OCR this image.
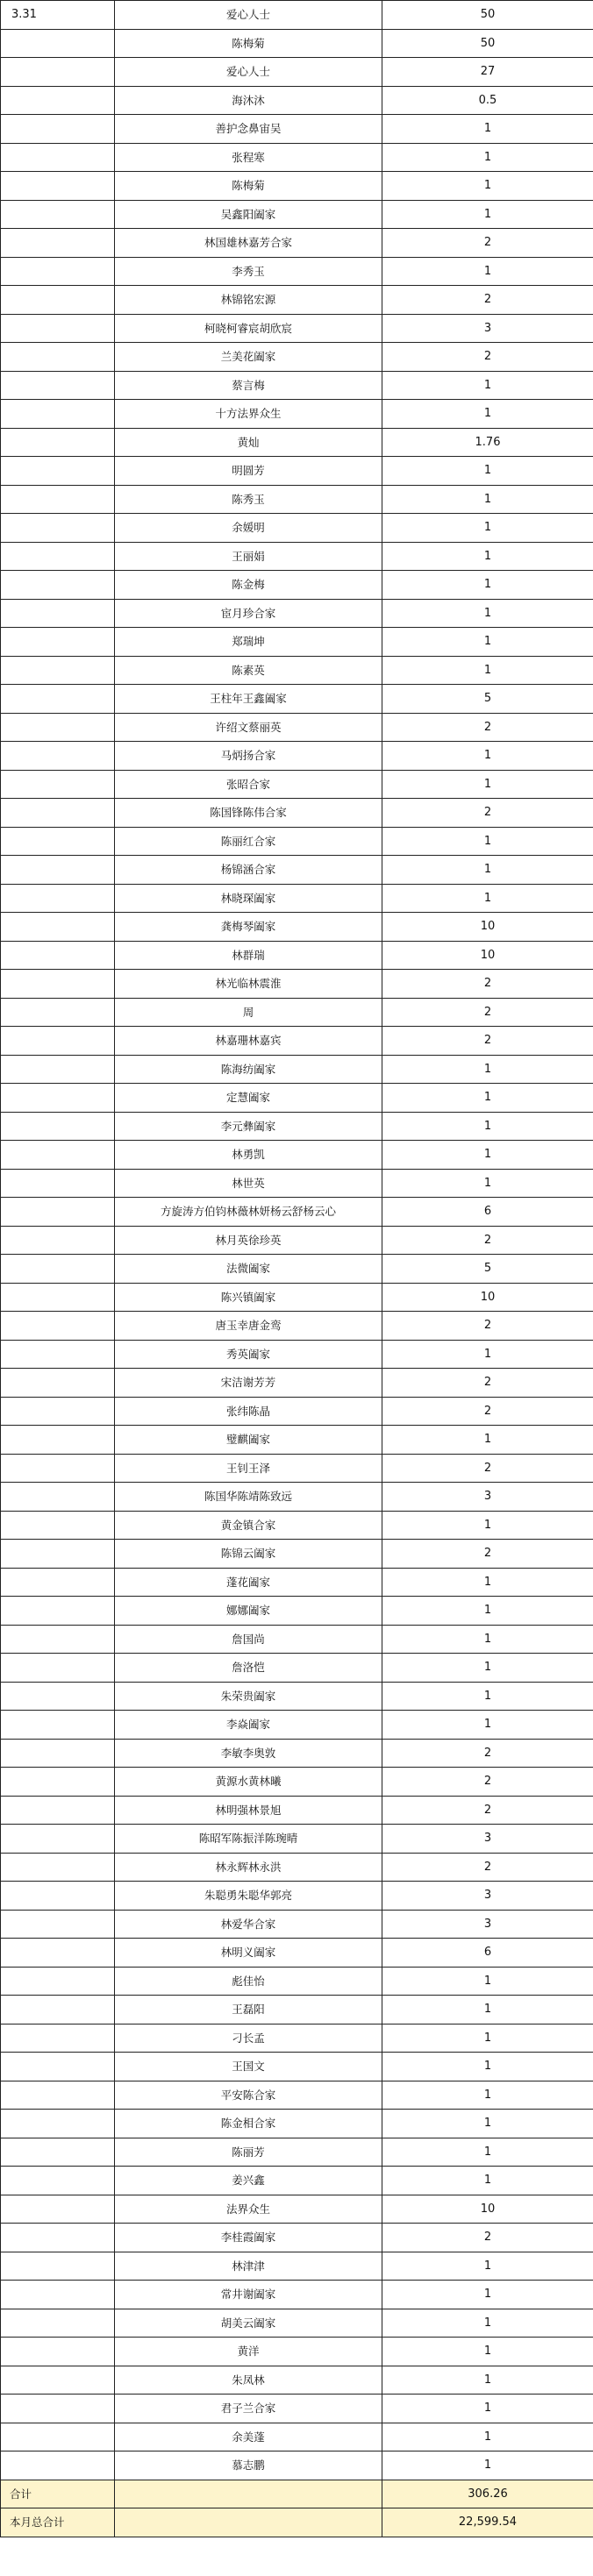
3.31	爱心人士	50
	陈梅菊	50
	爱心人士	27
	海沐沐	0.5
	善护念鼻宙吴	1
	张程寒	1
	陈梅菊	1
	吴鑫阳阖家	1
	林国雄林嘉芳合家	2
	李秀玉	1
	林锦铭宏源	2
	柯晓柯睿宸胡欣宸	3
	兰美花阖家	2
	蔡言梅	1
	十方法界众生	1
	黄灿	1.76
	明圆芳	1
	陈秀玉	1
	余媛明	1
	王丽娟	1
	陈金梅	1
	宦月珍合家	1
	郑瑞坤	1
	陈素英	1
	王柱年王鑫阖家	5
	许绍文蔡丽英	2
	马炳扬合家	1
	张昭合家	1
	陈国锋陈伟合家	2
	陈丽红合家	1
	杨锦涵合家	1
	林晓琛阖家	1
	龚梅琴阖家	10
	林群瑞	10
	林光临林震淮	2
	周	2
	林嘉珊林嘉宾	2
	陈海纺阖家	1
	定慧阖家	1
	李元彝阖家	1
	林勇凯	1
	林世英	1
	方旋涛方伯钧林薇林妍杨云舒杨云心	6
	林月英徐珍英	2
	法微阖家	5
	陈兴镇阖家	10
	唐玉幸唐金鸾	2
	秀英阖家	1
	宋洁谢芳芳	2
	张纬陈晶	2
	璧麒阖家	1
	王钊王泽	2
	陈国华陈靖陈致远	3
	黄金镇合家	1
	陈锦云阖家	2
	蓬花阖家	1
	娜娜阖家	1
	詹国尚	1
	詹洛恺	1
	朱荣贵阖家	1
	李焱阖家	1
	李敏李奥敦	2
	黄源水黄林曦	2
	林明强林景旭	2
	陈昭军陈振洋陈琬晴	3
	林永辉林永洪	2
	朱聪勇朱聪华郭亮	3
	林爱华合家	3
	林明义阖家	6
	彪佳怡	1
	王磊阳	1
	刁长孟	1
	王国文	1
	平安陈合家	1
	陈金相合家	1
	陈丽芳	1
	姜兴鑫	1
	法界众生	10
	李桂霞阖家	2
	林津津	1
	常井谢阖家	1
	胡美云阖家	1
	黄洋	1
	朱凤林	1
	君子兰合家	1
	余美蓬	1
	慕志鹏	1
合计		306.26
本月总合计		22,599.54
